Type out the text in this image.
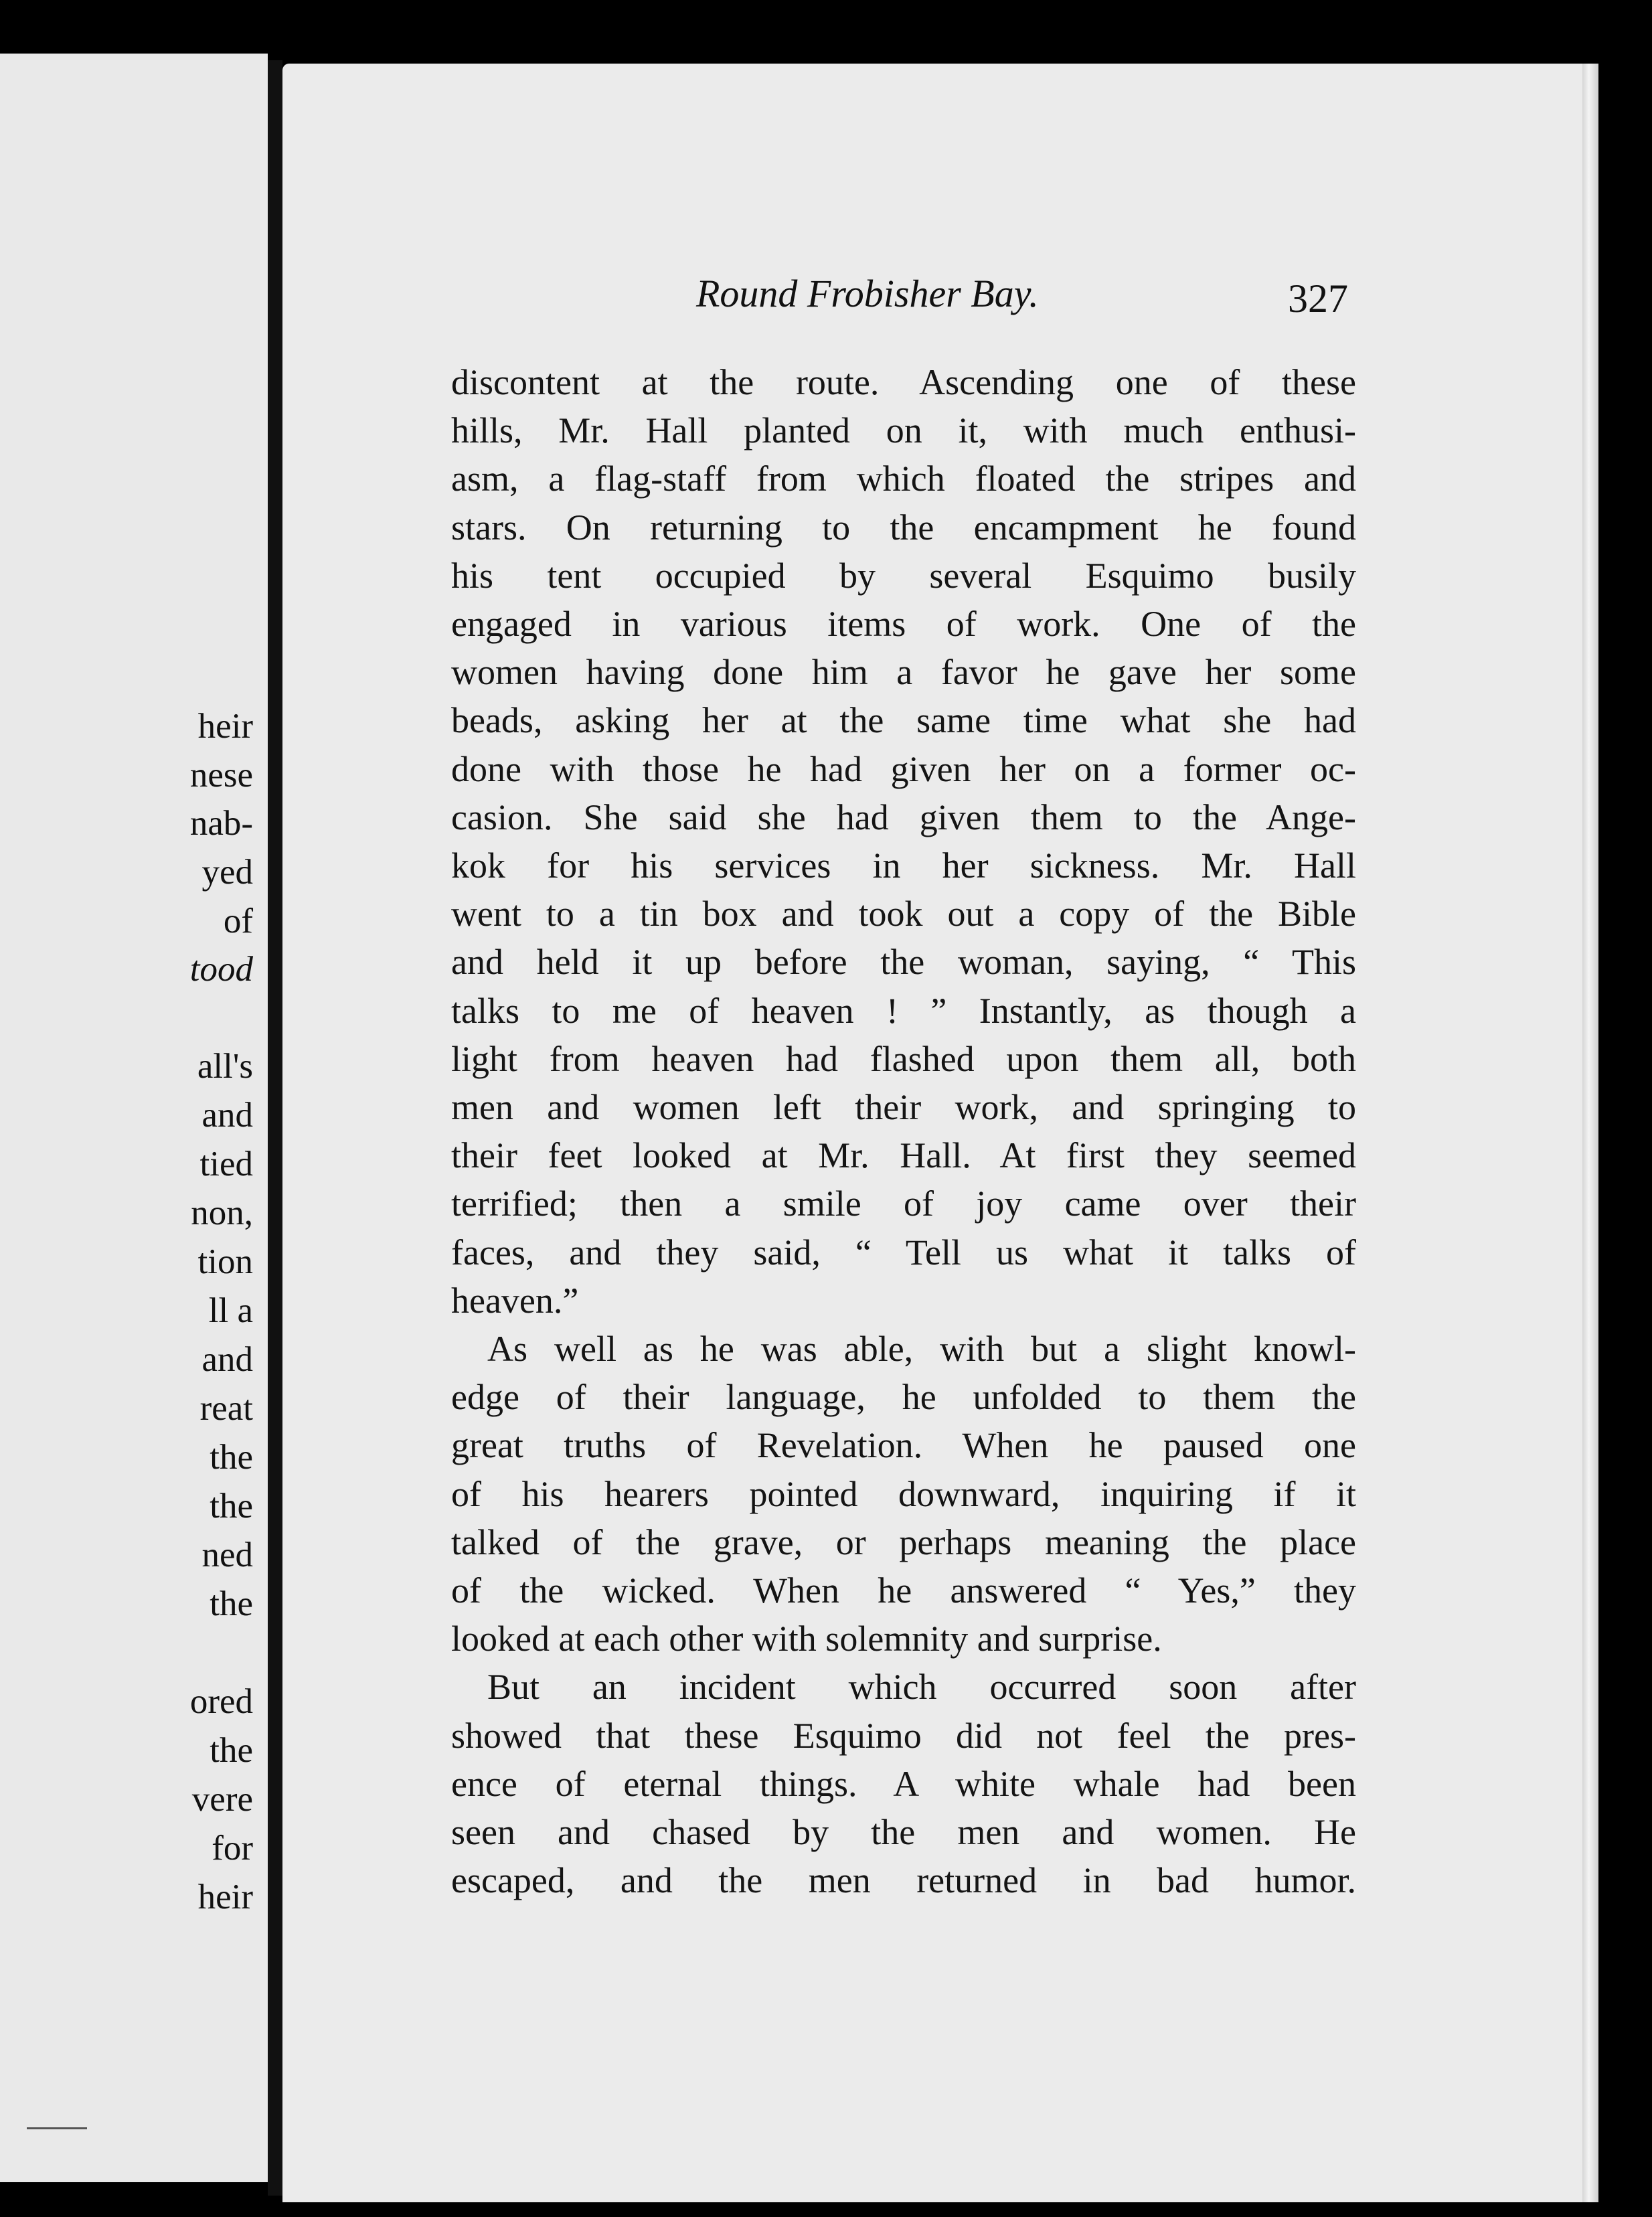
heir
nese
nab-
yed
of
tood
all's
and
tied
non,
tion
ll a
and
reat
the
the
ned
the
ored
the
vere
for
heir
Round Frobisher Bay.	327
discontent at the route. Ascending one of these
hills, Mr. Hall planted on it, with much enthusi-
asm, a flag-staff from which floated the stripes and
stars. On returning to the encampment he found
his tent occupied by several Esquimo busily
engaged in various items of work. One of the
women having done him a favor he gave her some
beads, asking her at the same time what she had
done with those he had given her on a former oc-
casion. She said she had given them to the Ange-
kok for his services in her sickness. Mr. Hall
went to a tin box and took out a copy of the Bible
and held it up before the woman, saying, “ This
talks to me of heaven ! ” Instantly, as though a
light from heaven had flashed upon them all, both
men and women left their work, and springing to
their feet looked at Mr. Hall. At first they seemed
terrified; then a smile of joy came over their
faces, and they said, “ Tell us what it talks of
heaven.”
As well as he was able, with but a slight knowl-
edge of their language, he unfolded to them the
great truths of Revelation. When he paused one
of his hearers pointed downward, inquiring if it
talked of the grave, or perhaps meaning the place
of the wicked. When he answered “ Yes,” they
looked at each other with solemnity and surprise.
But an incident which occurred soon after
showed that these Esquimo did not feel the pres-
ence of eternal things. A white whale had been
seen and chased by the men and women. He
escaped, and the men returned in bad humor.
